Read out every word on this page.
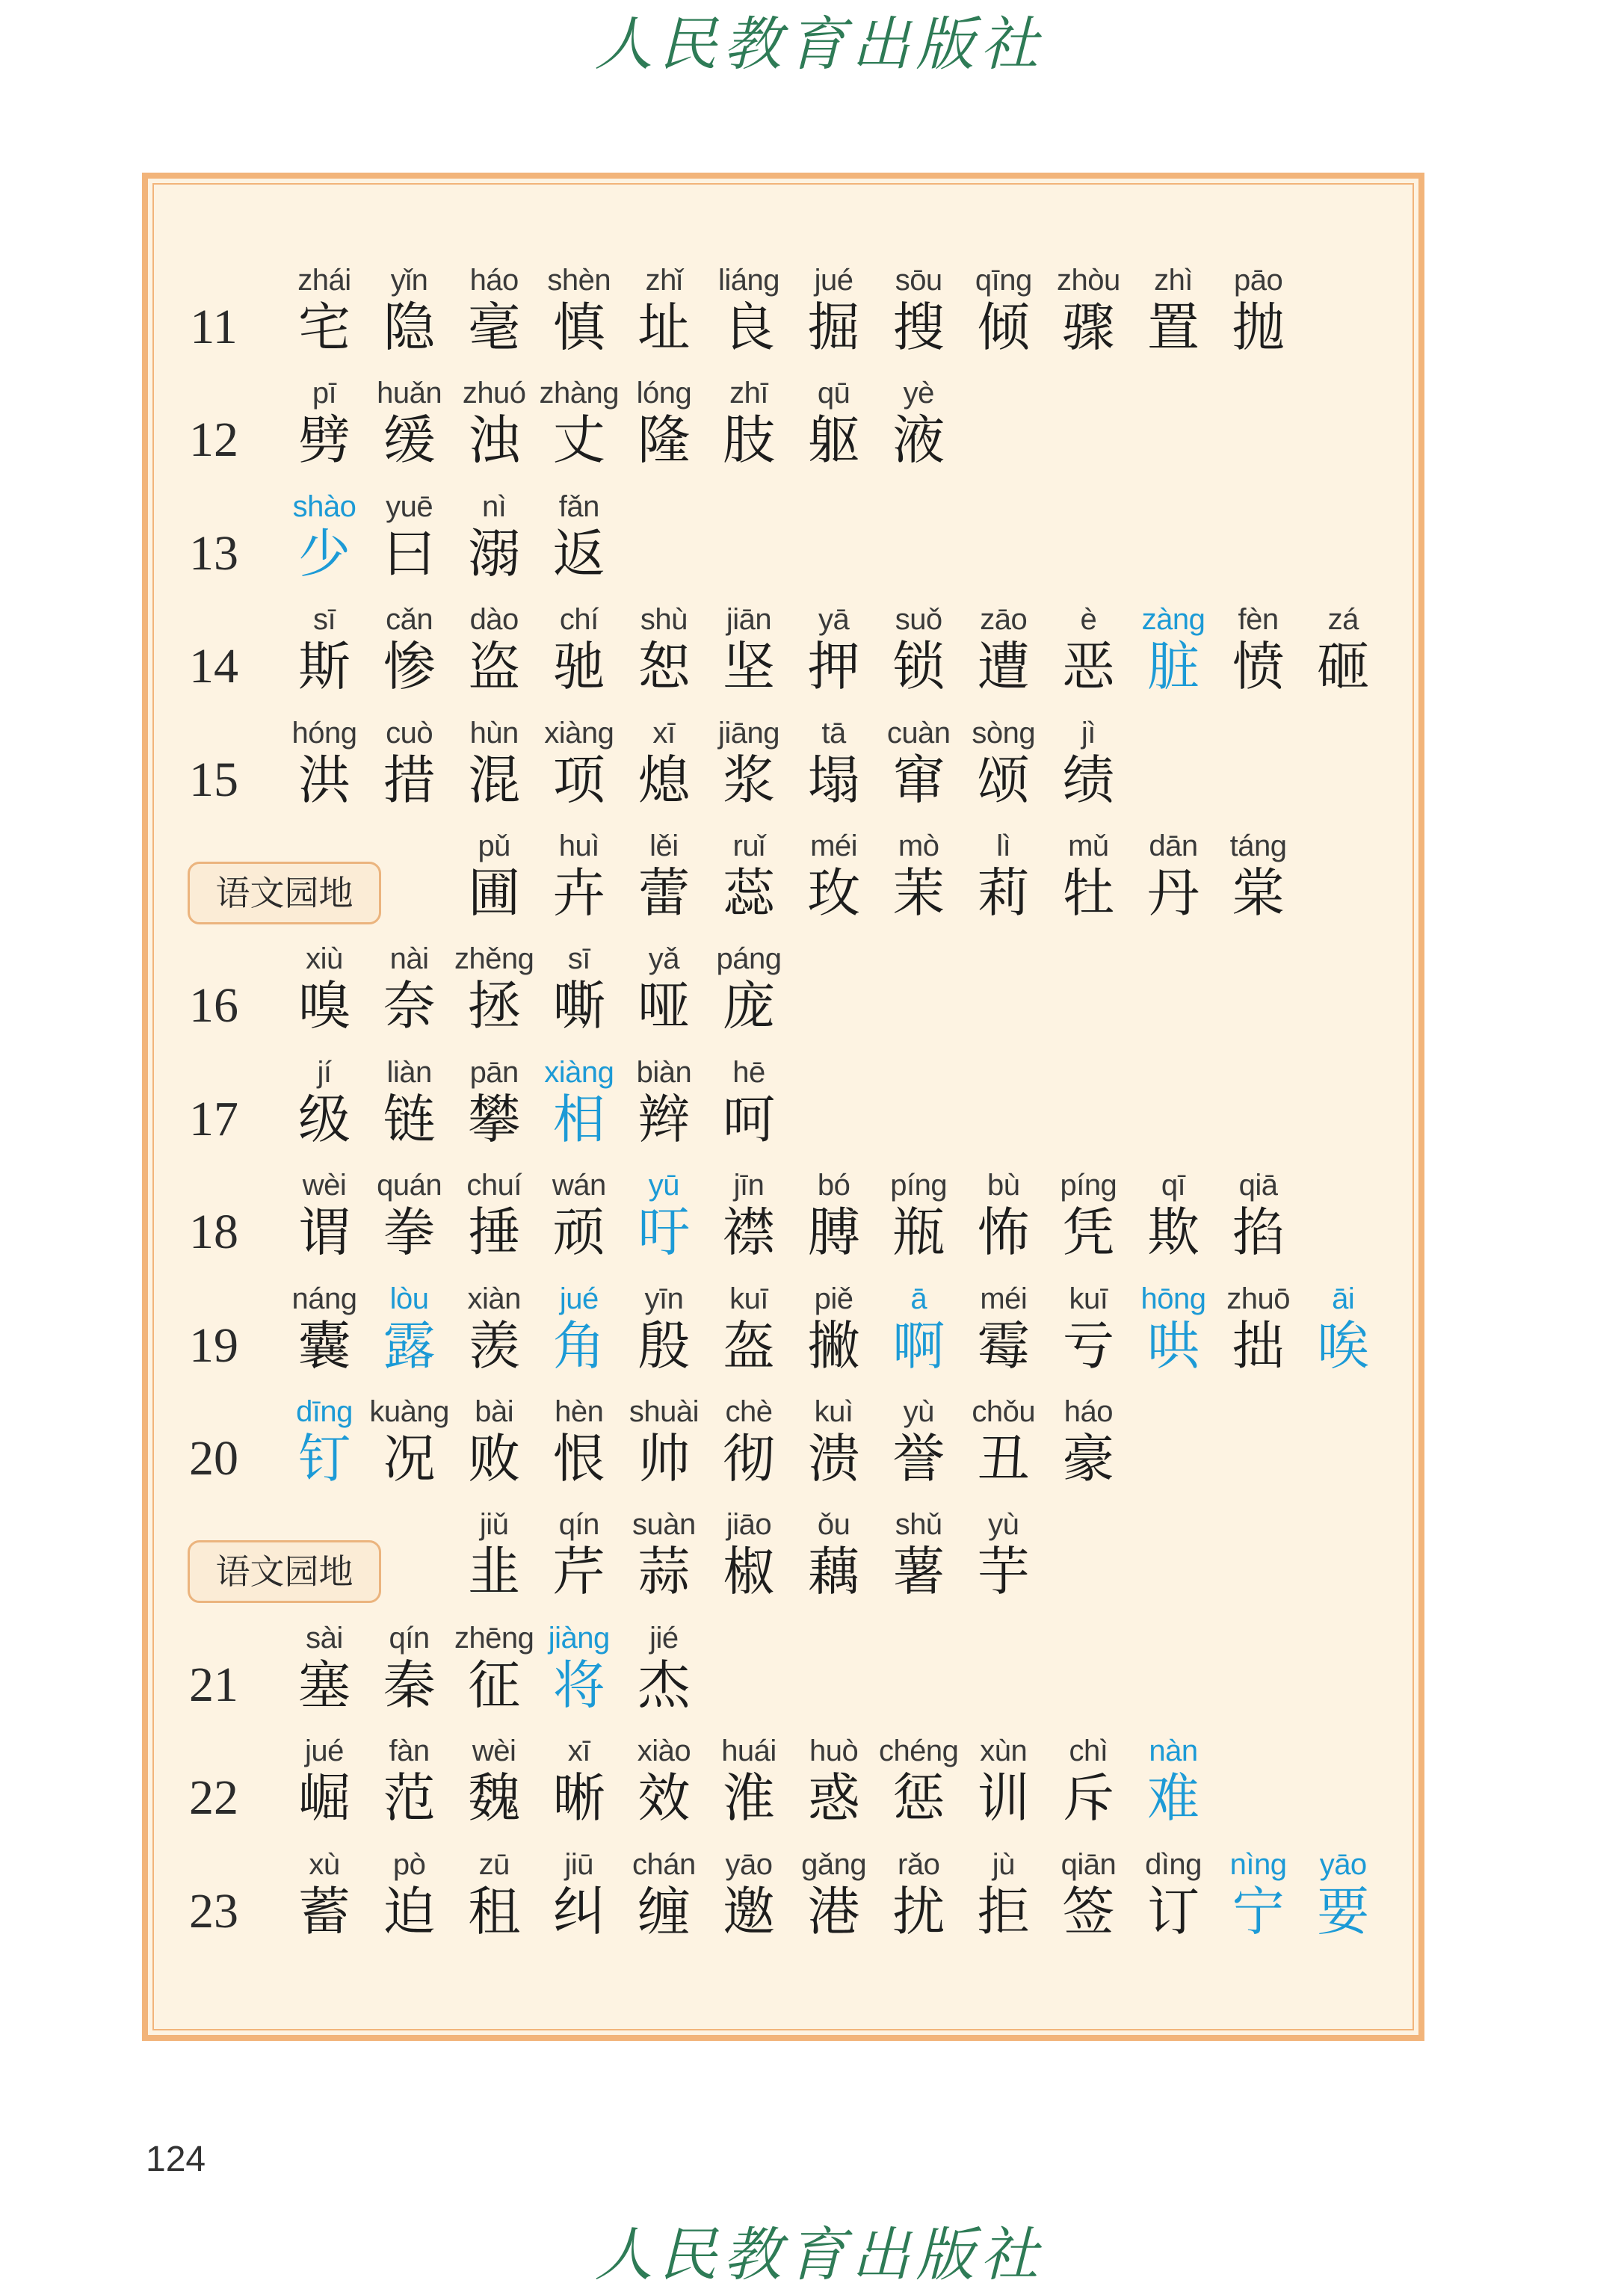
人民教育出版社
11
zhái
宅
yǐn
隐
háo
毫
shèn
慎
zhǐ
址
liáng
良
jué
掘
sōu
搜
qīng
倾
zhòu
骤
zhì
置
pāo
抛
12
pī
劈
huǎn
缓
zhuó
浊
zhàng
丈
lóng
隆
zhī
肢
qū
躯
yè
液
13
shào
少
yuē
曰
nì
溺
fǎn
返
14
sī
斯
cǎn
惨
dào
盗
chí
驰
shù
恕
jiān
坚
yā
押
suǒ
锁
zāo
遭
è
恶
zàng
脏
fèn
愤
zá
砸
15
hóng
洪
cuò
措
hùn
混
xiàng
项
xī
熄
jiāng
浆
tā
塌
cuàn
窜
sòng
颂
jì
绩
语文园地
pǔ
圃
huì
卉
lěi
蕾
ruǐ
蕊
méi
玫
mò
茉
lì
莉
mǔ
牡
dān
丹
táng
棠
16
xiù
嗅
nài
奈
zhěng
拯
sī
嘶
yǎ
哑
páng
庞
17
jí
级
liàn
链
pān
攀
xiàng
相
biàn
辫
hē
呵
18
wèi
谓
quán
拳
chuí
捶
wán
顽
yū
吁
jīn
襟
bó
膊
píng
瓶
bù
怖
píng
凭
qī
欺
qiā
掐
19
náng
囊
lòu
露
xiàn
羡
jué
角
yīn
殷
kuī
盔
piě
撇
ā
啊
méi
霉
kuī
亏
hōng
哄
zhuō
拙
āi
唉
20
dīng
钉
kuàng
况
bài
败
hèn
恨
shuài
帅
chè
彻
kuì
溃
yù
誉
chǒu
丑
háo
豪
语文园地
jiǔ
韭
qín
芹
suàn
蒜
jiāo
椒
ǒu
藕
shǔ
薯
yù
芋
21
sài
塞
qín
秦
zhēng
征
jiàng
将
jié
杰
22
jué
崛
fàn
范
wèi
魏
xī
晰
xiào
效
huái
淮
huò
惑
chéng
惩
xùn
训
chì
斥
nàn
难
23
xù
蓄
pò
迫
zū
租
jiū
纠
chán
缠
yāo
邀
gǎng
港
rǎo
扰
jù
拒
qiān
签
dìng
订
nìng
宁
yāo
要
124
人民教育出版社
